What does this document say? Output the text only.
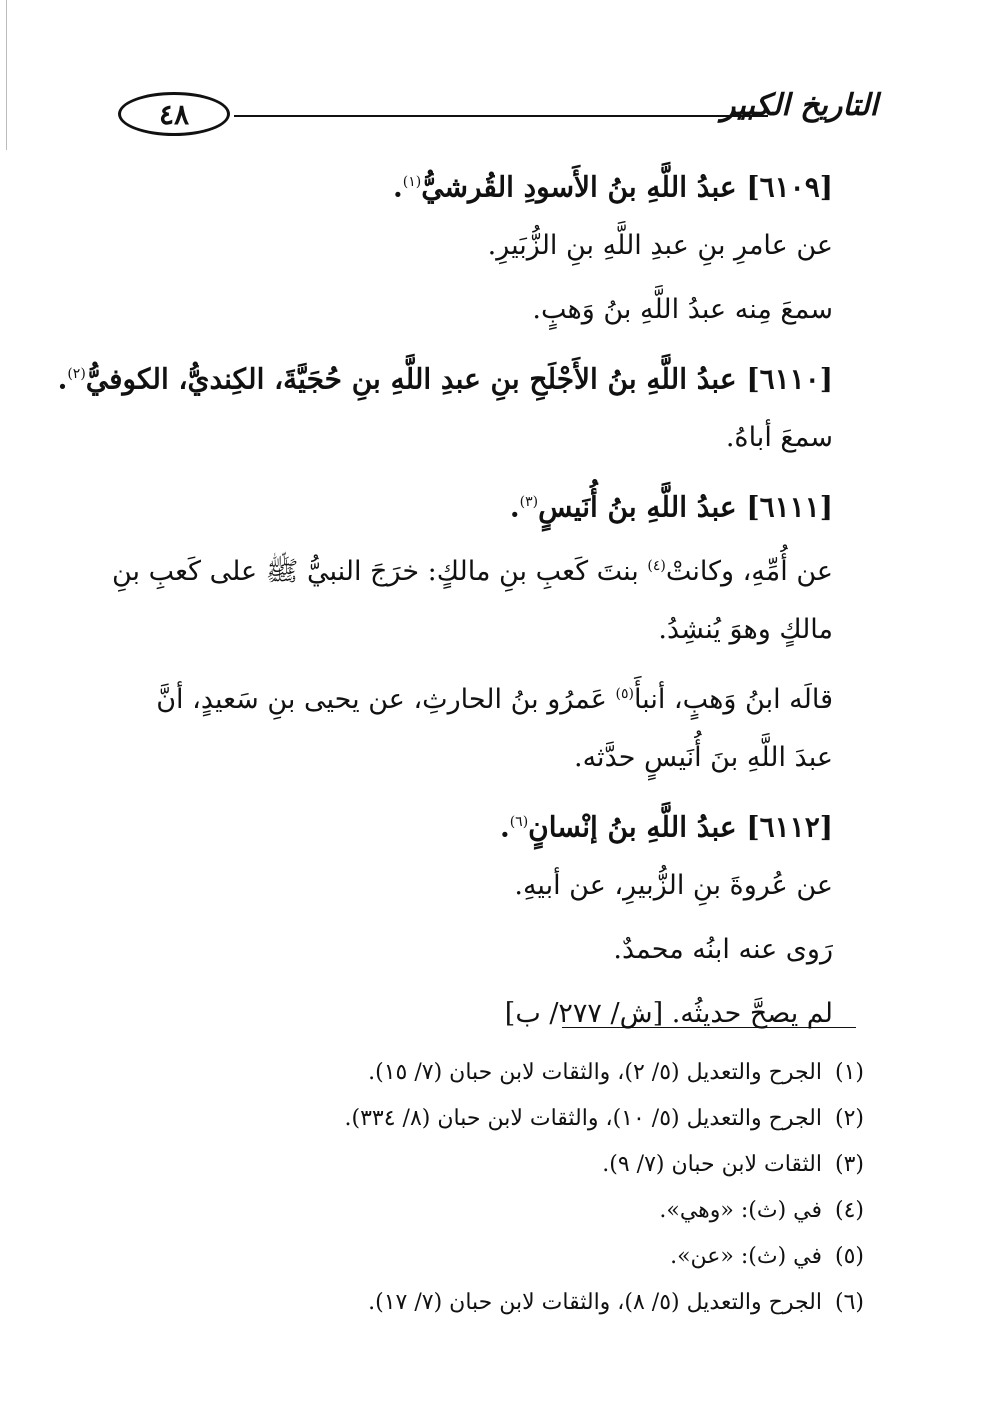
٤٨	التاريخ الكبير
[٦١٠٩] عبدُ اللَّهِ بنُ الأَسودِ القُرشيُّ$^{(١)}$.
عن عامرِ بنِ عبدِ اللَّهِ بنِ الزُّبَيرِ.
سمعَ مِنه عبدُ اللَّهِ بنُ وَهبٍ.
[٦١١٠] عبدُ اللَّهِ بنُ الأَجْلَحِ بنِ عبدِ اللَّهِ بنِ حُجَيَّةَ، الكِنديُّ، الكوفيُّ$^{(٢)}$.
سمعَ أباهُ.
[٦١١١] عبدُ اللَّهِ بنُ أُنَيسٍ$^{(٣)}$.
عن أُمِّهِ، وكانتْ$^{(٤)}$ بنتَ كَعبِ بنِ مالكٍ: خرَجَ النبيُّ ﷺ على كَعبِ بنِ
مالكٍ وهوَ يُنشِدُ.
قالَه ابنُ وَهبٍ، أنبأَ$^{(٥)}$ عَمرُو بنُ الحارثِ، عن يحيى بنِ سَعيدٍ، أنَّ
عبدَ اللَّهِ بنَ أُنَيسٍ حدَّثه.
[٦١١٢] عبدُ اللَّهِ بنُ إنْسانٍ$^{(٦)}$.
عن عُروةَ بنِ الزُّبيرِ، عن أبيهِ.
رَوى عنه ابنُه محمدٌ.
لم يصحَّ حديثُه. [ش/ ٢٧٧/ ب]
(١)الجرح والتعديل (٥/ ٢)، والثقات لابن حبان (٧/ ١٥).
(٢)الجرح والتعديل (٥/ ١٠)، والثقات لابن حبان (٨/ ٣٣٤).
(٣)الثقات لابن حبان (٧/ ٩).
(٤)في (ث): «وهي».
(٥)في (ث): «عن».
(٦)الجرح والتعديل (٥/ ٨)، والثقات لابن حبان (٧/ ١٧).
